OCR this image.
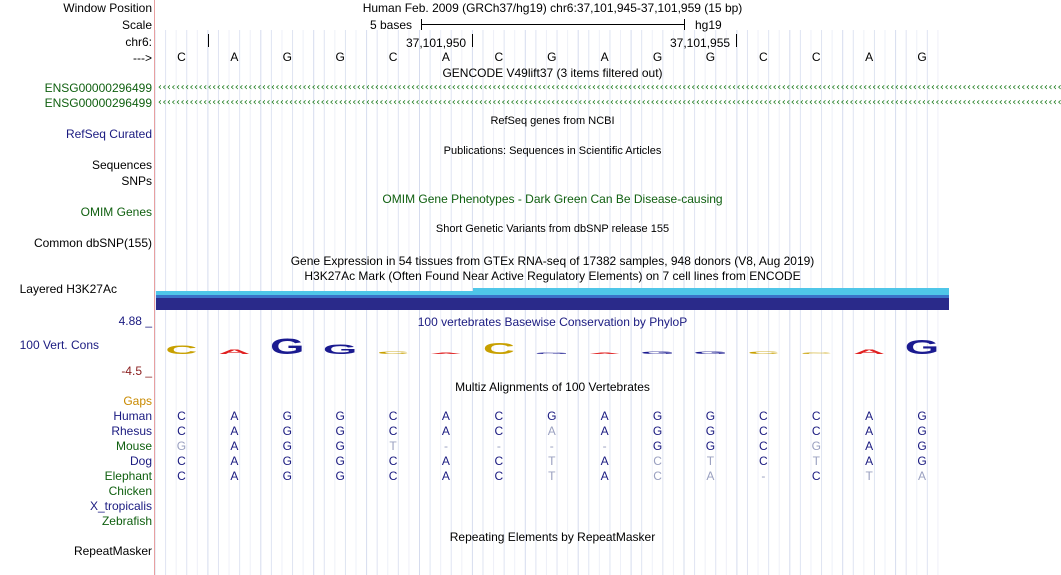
Window Position
Scale
chr6:
--->
ENSG00000296499
ENSG00000296499
RefSeq Curated
Sequences
SNPs
OMIM Genes
Common dbSNP(155)
Layered H3K27Ac
4.88 _
100 Vert. Cons
-4.5 _
Gaps
Human
Rhesus
Mouse
Dog
Elephant
Chicken
X_tropicalis
Zebrafish
RepeatMasker
Human Feb. 2009 (GRCh37/hg19) chr6:37,101,945-37,101,959 (15 bp)
5 bases	hg19
37,101,950	37,101,955
C	A	G	G	C	A	C	G	A	G	G	C	C	A	G
GENCODE V49lift37 (3 items filtered out)
‹‹‹‹‹‹‹‹‹‹‹‹‹‹‹‹‹‹‹‹‹‹‹‹‹‹‹‹‹‹‹‹‹‹‹‹‹‹‹‹‹‹‹‹‹‹‹‹‹‹‹‹‹‹‹‹‹‹‹‹‹‹‹‹‹‹‹‹‹‹‹‹‹‹‹‹‹‹‹‹‹‹‹‹‹‹‹‹‹‹‹‹‹‹‹‹‹‹‹‹‹‹‹‹‹‹‹‹‹‹‹‹‹‹‹‹‹‹‹‹‹‹‹‹‹‹‹‹‹‹‹‹‹‹‹‹‹‹‹‹‹‹‹‹‹‹‹‹‹‹‹‹‹‹‹‹‹‹‹‹‹‹‹‹‹‹‹‹‹‹‹‹‹‹‹‹‹‹‹‹‹‹‹‹‹‹‹‹‹‹‹‹‹‹‹‹‹‹‹‹
‹‹‹‹‹‹‹‹‹‹‹‹‹‹‹‹‹‹‹‹‹‹‹‹‹‹‹‹‹‹‹‹‹‹‹‹‹‹‹‹‹‹‹‹‹‹‹‹‹‹‹‹‹‹‹‹‹‹‹‹‹‹‹‹‹‹‹‹‹‹‹‹‹‹‹‹‹‹‹‹‹‹‹‹‹‹‹‹‹‹‹‹‹‹‹‹‹‹‹‹‹‹‹‹‹‹‹‹‹‹‹‹‹‹‹‹‹‹‹‹‹‹‹‹‹‹‹‹‹‹‹‹‹‹‹‹‹‹‹‹‹‹‹‹‹‹‹‹‹‹‹‹‹‹‹‹‹‹‹‹‹‹‹‹‹‹‹‹‹‹‹‹‹‹‹‹‹‹‹‹‹‹‹‹‹‹‹‹‹‹‹‹‹‹‹‹‹‹‹‹
RefSeq genes from NCBI
Publications: Sequences in Scientific Articles
OMIM Gene Phenotypes - Dark Green Can Be Disease-causing
Short Genetic Variants from dbSNP release 155
Gene Expression in 54 tissues from GTEx RNA-seq of 17382 samples, 948 donors (V8, Aug 2019)
H3K27Ac Mark (Often Found Near Active Regulatory Elements) on 7 cell lines from ENCODE
100 vertebrates Basewise Conservation by PhyloP
C A G G C A C G A G G C C A G
Multiz Alignments of 100 Vertebrates
C	A	G	G	C	A	C	G	A	G	G	C	C	A	G
C	A	G	G	C	A	C	A	A	G	G	C	C	A	G
G	A	G	G	T	-	-	-	-	G	G	C	G	A	G
C	A	G	G	C	A	C	T	A	C	T	C	T	A	G
C	A	G	G	C	A	C	T	A	C	A	-	C	T	A
Repeating Elements by RepeatMasker
